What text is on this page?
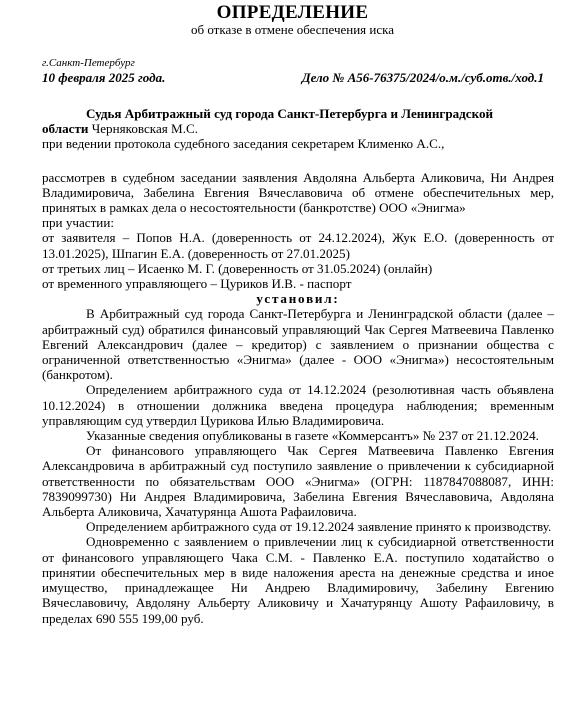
ОПРЕДЕЛЕНИЕ
об отказе в отмене обеспечения иска
г.Санкт-Петербург
10 февраля 2025 года.	Дело № А56-76375/2024/о.м./суб.отв./ход.1

Судья Арбитражный суд города Санкт-Петербурга и Ленинградской

области Черняковская М.С.

при ведении протокола судебного заседания секретарем Клименко А.С.,

рассмотрев в судебном заседании заявления Авдоляна Альберта Аликовича, Ни Андрея Владимировича, Забелина Евгения Вячеславовича об отмене обеспечительных мер, принятых в рамках дела о несостоятельности (банкротстве) ООО «Энигма»

при участии:

от заявителя – Попов Н.А. (доверенность от 24.12.2024), Жук Е.О. (доверенность от 13.01.2025), Шпагин Е.А. (доверенность от 27.01.2025)

от третьих лиц – Исаенко М. Г. (доверенность от 31.05.2024) (онлайн)

от временного управляющего – Цуриков И.В. - паспорт

установил:

В Арбитражный суд города Санкт-Петербурга и Ленинградской области (далее – арбитражный суд) обратился финансовый управляющий Чак Сергея Матвеевича Павленко Евгений Александрович (далее – кредитор) с заявлением о признании общества с ограниченной ответственностью «Энигма» (далее - ООО «Энигма») несостоятельным (банкротом).

Определением арбитражного суда от 14.12.2024 (резолютивная часть объявлена 10.12.2024) в отношении должника введена процедура наблюдения; временным управляющим суд утвердил Цурикова Илью Владимировича.

Указанные сведения опубликованы в газете «Коммерсантъ» № 237 от 21.12.2024.

От финансового управляющего Чак Сергея Матвеевича Павленко Евгения Александровича в арбитражный суд поступило заявление о привлечении к субсидиарной ответственности по обязательствам ООО «Энигма» (ОГРН: 1187847088087, ИНН: 7839099730) Ни Андрея Владимировича, Забелина Евгения Вячеславовича, Авдоляна Альберта Аликовича, Хачатурянца Ашота Рафаиловича.

Определением арбитражного суда от 19.12.2024 заявление принято к производству.

Одновременно с заявлением о привлечении лиц к субсидиарной ответственности от финансового управляющего Чака С.М. - Павленко Е.А. поступило ходатайство о принятии обеспечительных мер в виде наложения ареста на денежные средства и иное имущество, принадлежащее Ни Андрею Владимировичу, Забелину Евгению Вячеславовичу, Авдоляну Альберту Аликовичу и Хачатурянцу Ашоту Рафаиловичу, в пределах 690 555 199,00 руб.
